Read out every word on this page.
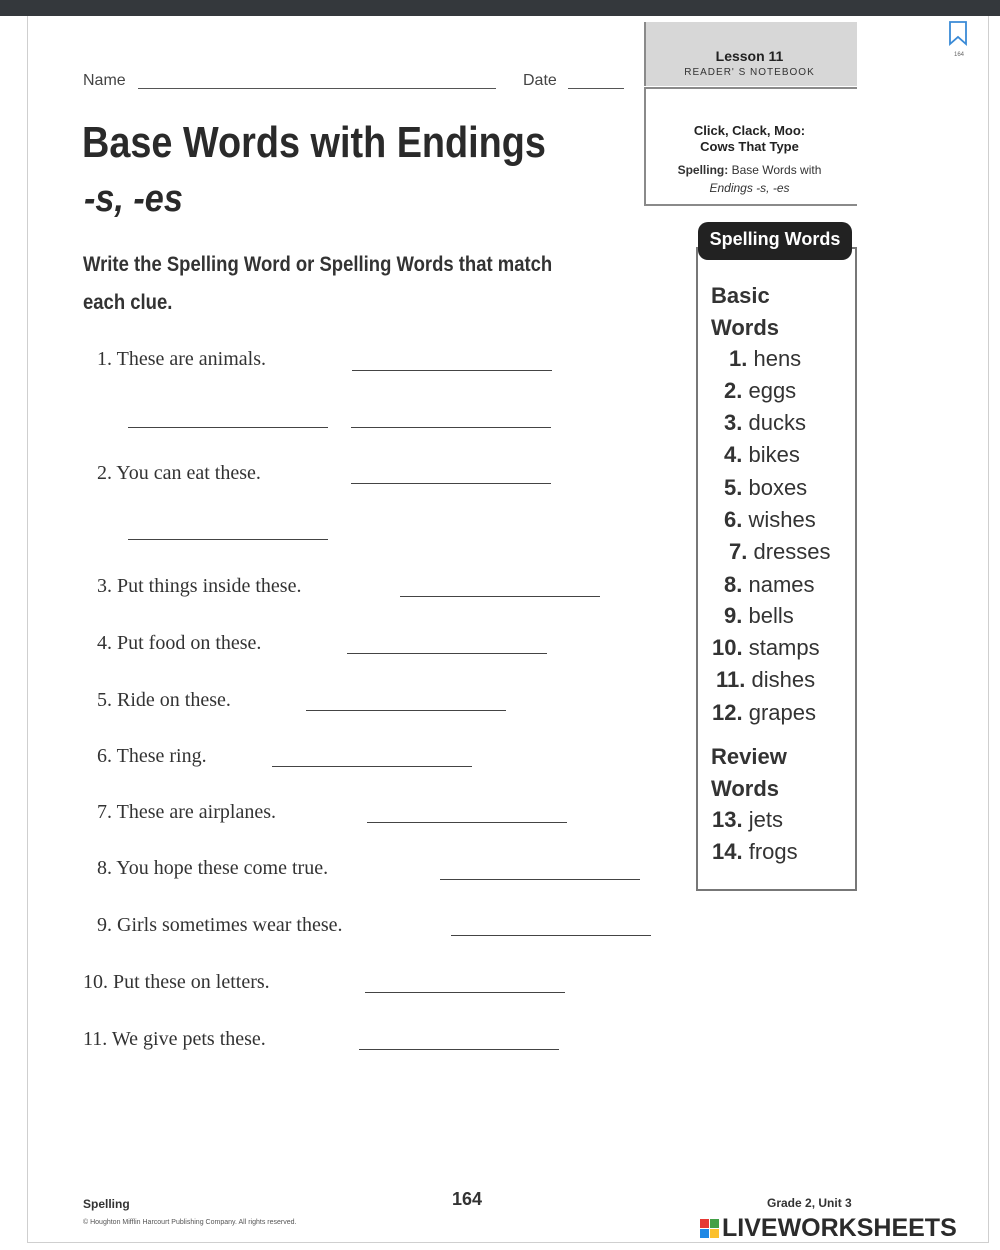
164
Name	Date
Lesson 11
READER' S NOTEBOOK
Click, Clack, Moo:
Cows That Type
Spelling: Base Words with
Endings -s, -es
Base Words with Endings
-s, -es
Write the Spelling Word or Spelling Words that match each clue.
1. These are animals.
2. You can eat these.
3. Put things inside these.
4. Put food on these.
5. Ride on these.
6. These ring.
7. These are airplanes.
8. You hope these come true.
9. Girls sometimes wear these.
10. Put these on letters.
11. We give pets these.
Spelling Words
Basic
Words
1. hens
2. eggs
3. ducks
4. bikes
5. boxes
6. wishes
7. dresses
8. names
9. bells
10. stamps
11. dishes
12. grapes
Review
Words
13. jets
14. frogs
Spelling	164	Grade 2, Unit 3
© Houghton Mifflin Harcourt Publishing Company. All rights reserved.	LIVEWORKSHEETS
